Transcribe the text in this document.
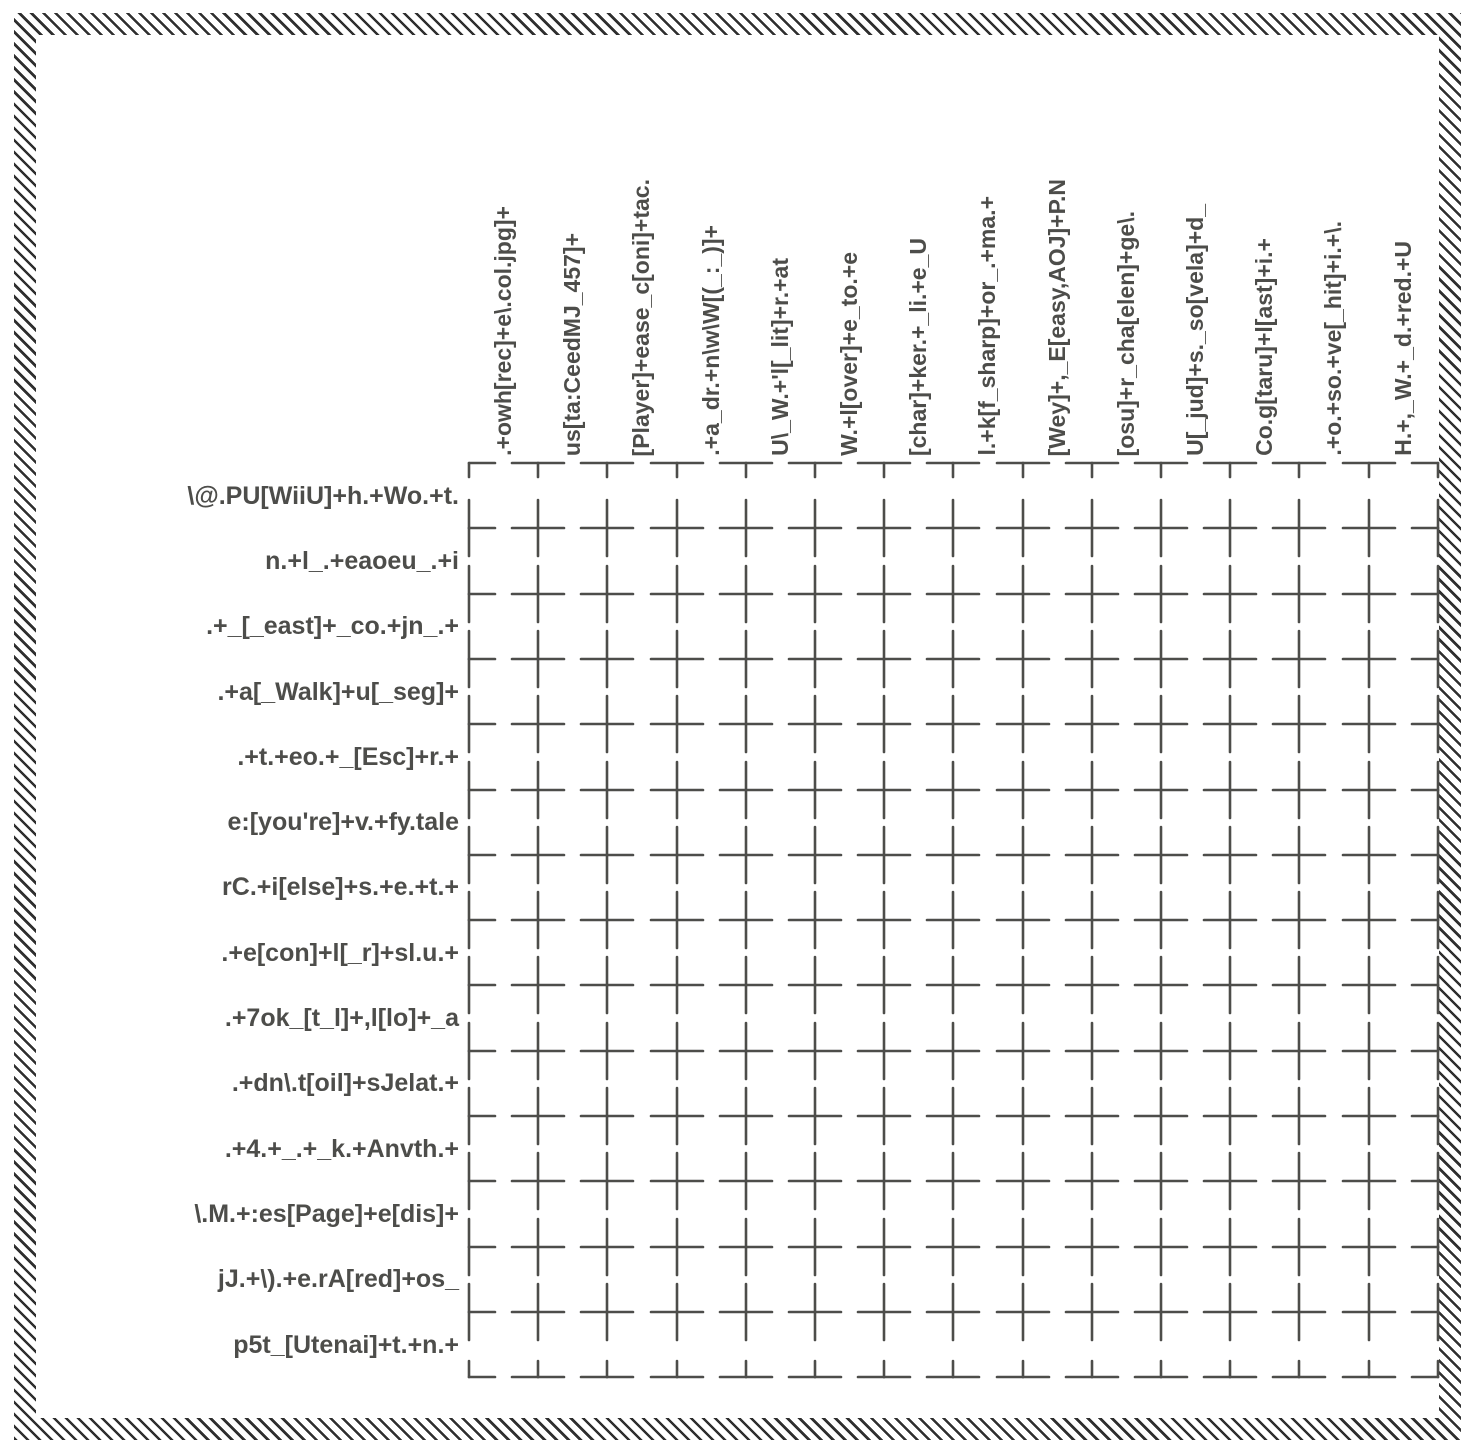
.+owh[rec]+e\.col.jpg]+ us[ta:CeedMJ_457]+ [Player]+ease_c[oni]+tac. .+a_dr.+n\w\W[(_:_)]+ U\_W.+'l[_lit]+r.+at W.+l[over]+e_to.+e [char]+ker.+_li.+e_U l.+k[f_sharp]+or_.+ma.+ [Wey]+,_E[easy,AOJ]+P.N [osu]+r_cha[elen]+ge\. U[_jud]+s._so[vela]+d_ Co.g[taru]+l[ast]+i.+ .+o.+so.+ve[_hit]+i.+\. H.+,_W.+_d.+red.+U
\@.PU[WiiU]+h.+Wo.+t.
n.+l_.+eaoeu_.+i
.+_[_east]+_co.+jn_.+
.+a[_Walk]+u[_seg]+
.+t.+eo.+_[Esc]+r.+
e:[you're]+v.+fy.tale
rC.+i[else]+s.+e.+t.+
.+e[con]+l[_r]+sl.u.+
.+7ok_[t_l]+,l[lo]+_a
.+dn\.t[oil]+sJelat.+
.+4.+_.+_k.+Anvth.+
\.M.+:es[Page]+e[dis]+
jJ.+\).+e.rA[red]+os_
p5t_[Utenai]+t.+n.+
